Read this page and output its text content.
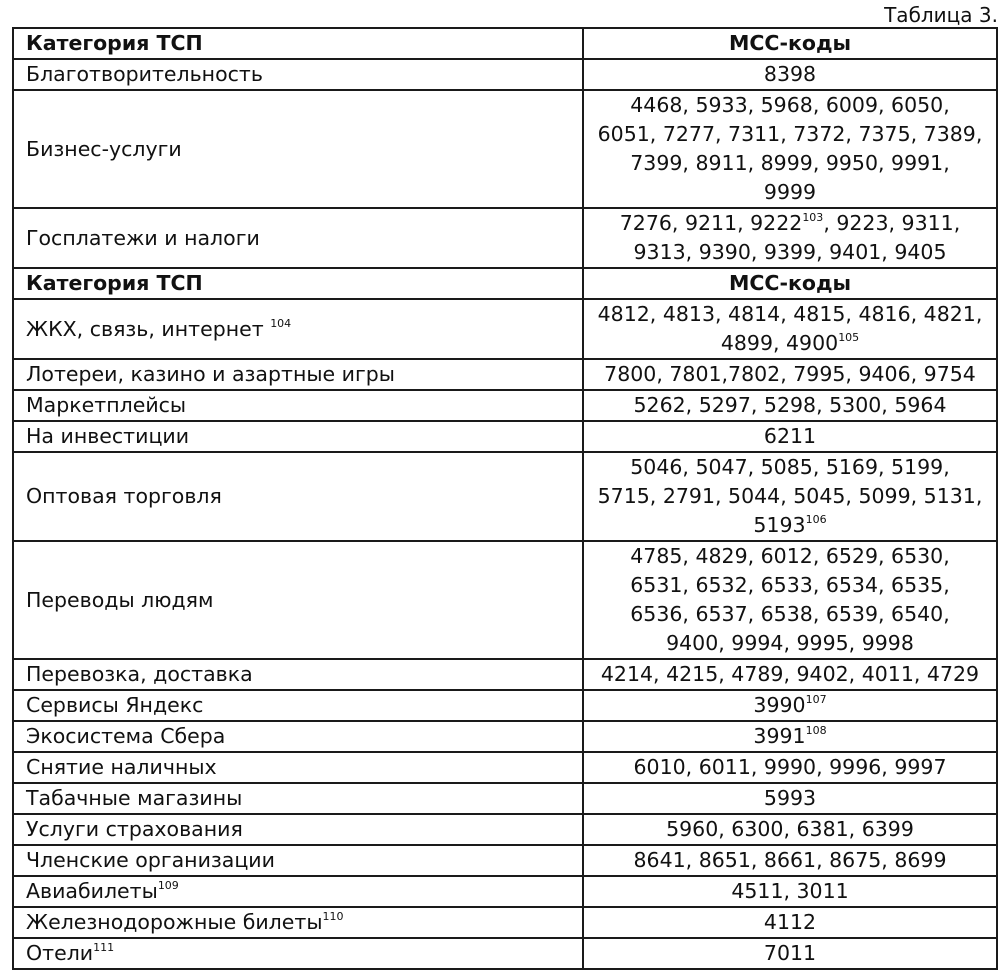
Таблица 3.
Категория ТСП	МСС-коды
Благотворительность	8398
Бизнес-услуги	4468, 5933, 5968, 6009, 6050,
6051, 7277, 7311, 7372, 7375, 7389,
7399, 8911, 8999, 9950, 9991,
9999
Госплатежи и налоги	7276, 9211, 9222$^{103}$, 9223, 9311,
9313, 9390, 9399, 9401, 9405
Категория ТСП	МСС-коды
ЖКХ, связь, интернет $^{104}$	4812, 4813, 4814, 4815, 4816, 4821,
4899, 4900$^{105}$
Лотереи, казино и азартные игры	7800, 7801,7802, 7995, 9406, 9754
Маркетплейсы	5262, 5297, 5298, 5300, 5964
На инвестиции	6211
Оптовая торговля	5046, 5047, 5085, 5169, 5199,
5715, 2791, 5044, 5045, 5099, 5131,
5193$^{106}$
Переводы людям	4785, 4829, 6012, 6529, 6530,
6531, 6532, 6533, 6534, 6535,
6536, 6537, 6538, 6539, 6540,
9400, 9994, 9995, 9998
Перевозка, доставка	4214, 4215, 4789, 9402, 4011, 4729
Сервисы Яндекс	3990$^{107}$
Экосистема Сбера	3991$^{108}$
Снятие наличных	6010, 6011, 9990, 9996, 9997
Табачные магазины	5993
Услуги страхования	5960, 6300, 6381, 6399
Членские организации	8641, 8651, 8661, 8675, 8699
Авиабилеты$^{109}$	4511, 3011
Железнодорожные билеты$^{110}$	4112
Отели$^{111}$	7011
